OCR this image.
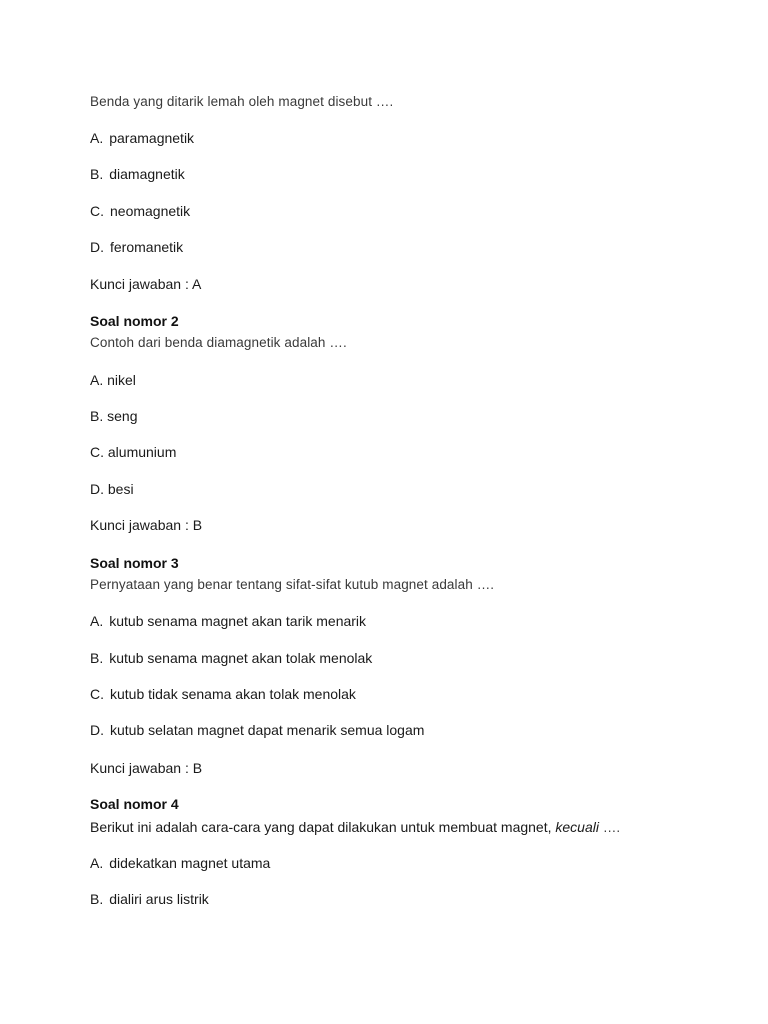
Benda yang ditarik lemah oleh magnet disebut ….
A. paramagnetik
B. diamagnetik
C. neomagnetik
D. feromanetik
Kunci jawaban : A
Soal nomor 2
Contoh dari benda diamagnetik adalah ….
A. nikel
B. seng
C. alumunium
D. besi
Kunci jawaban : B
Soal nomor 3
Pernyataan yang benar tentang sifat-sifat kutub magnet adalah ….
A. kutub senama magnet akan tarik menarik
B. kutub senama magnet akan tolak menolak
C. kutub tidak senama akan tolak menolak
D. kutub selatan magnet dapat menarik semua logam
Kunci jawaban : B
Soal nomor 4
Berikut ini adalah cara-cara yang dapat dilakukan untuk membuat magnet, kecuali ….
A. didekatkan magnet utama
B. dialiri arus listrik
